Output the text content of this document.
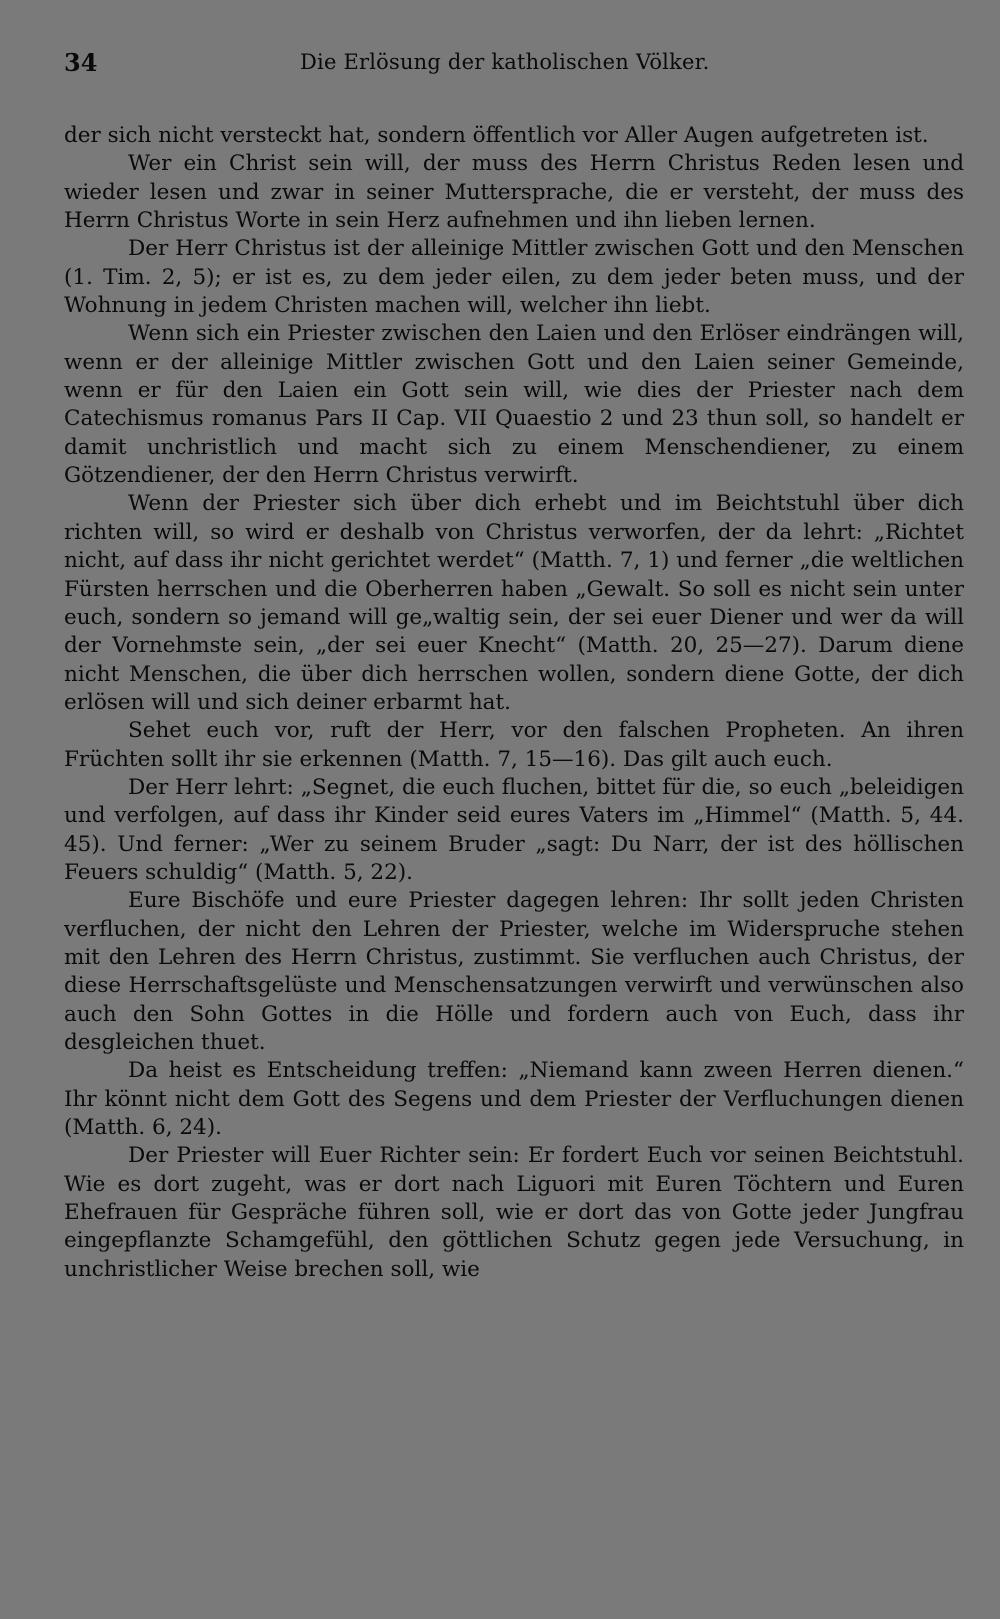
34	Die Erlösung der katholischen Völker.

der sich nicht versteckt hat, sondern öffentlich vor Aller Augen aufgetreten ist.

Wer ein Christ sein will, der muss des Herrn Christus Reden lesen und wieder lesen und zwar in seiner Muttersprache, die er versteht, der muss des Herrn Christus Worte in sein Herz aufnehmen und ihn lieben lernen.

Der Herr Christus ist der alleinige Mittler zwischen Gott und den Menschen (1. Tim. 2, 5); er ist es, zu dem jeder eilen, zu dem jeder beten muss, und der Wohnung in jedem Christen machen will, welcher ihn liebt.

Wenn sich ein Priester zwischen den Laien und den Erlöser eindrängen will, wenn er der alleinige Mittler zwischen Gott und den Laien seiner Gemeinde, wenn er für den Laien ein Gott sein will, wie dies der Priester nach dem Catechismus romanus Pars II Cap. VII Quaestio 2 und 23 thun soll, so handelt er damit unchristlich und macht sich zu einem Menschendiener, zu einem Götzendiener, der den Herrn Christus verwirft.

Wenn der Priester sich über dich erhebt und im Beichtstuhl über dich richten will, so wird er deshalb von Christus verworfen, der da lehrt: „Richtet nicht, auf dass ihr nicht gerichtet werdet“ (Matth. 7, 1) und ferner „die weltlichen Fürsten herrschen und die Oberherren haben „Gewalt. So soll es nicht sein unter euch, sondern so jemand will ge„waltig sein, der sei euer Diener und wer da will der Vornehmste sein, „der sei euer Knecht“ (Matth. 20, 25—27). Darum diene nicht Menschen, die über dich herrschen wollen, sondern diene Gotte, der dich erlösen will und sich deiner erbarmt hat.

Sehet euch vor, ruft der Herr, vor den falschen Propheten. An ihren Früchten sollt ihr sie erkennen (Matth. 7, 15—16). Das gilt auch euch.

Der Herr lehrt: „Segnet, die euch fluchen, bittet für die, so euch „beleidigen und verfolgen, auf dass ihr Kinder seid eures Vaters im „Himmel“ (Matth. 5, 44. 45). Und ferner: „Wer zu seinem Bruder „sagt: Du Narr, der ist des höllischen Feuers schuldig“ (Matth. 5, 22).

Eure Bischöfe und eure Priester dagegen lehren: Ihr sollt jeden Christen verfluchen, der nicht den Lehren der Priester, welche im Widerspruche stehen mit den Lehren des Herrn Christus, zustimmt. Sie verfluchen auch Christus, der diese Herrschaftsgelüste und Menschensatzungen verwirft und verwünschen also auch den Sohn Gottes in die Hölle und fordern auch von Euch, dass ihr desgleichen thuet.

Da heist es Entscheidung treffen: „Niemand kann zween Herren dienen.“ Ihr könnt nicht dem Gott des Segens und dem Priester der Verfluchungen dienen (Matth. 6, 24).

Der Priester will Euer Richter sein: Er fordert Euch vor seinen Beichtstuhl. Wie es dort zugeht, was er dort nach Liguori mit Euren Töchtern und Euren Ehefrauen für Gespräche führen soll, wie er dort das von Gotte jeder Jungfrau eingepflanzte Schamgefühl, den göttlichen Schutz gegen jede Versuchung, in unchristlicher Weise brechen soll, wie
